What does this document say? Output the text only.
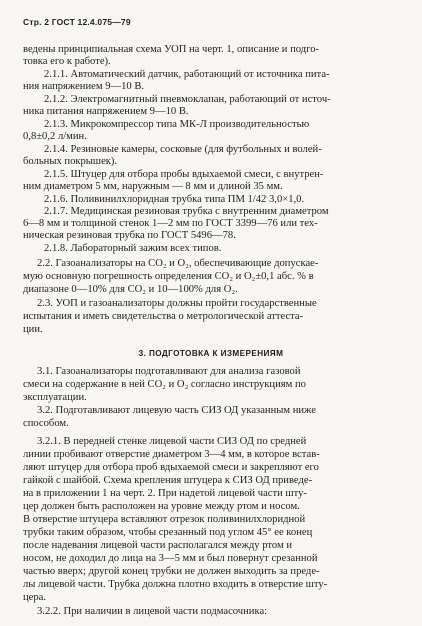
Стр. 2 ГОСТ 12.4.075—79
ведены принципиальная схема УОП на черт. 1, описание и подго-
товка его к работе).
2.1.1. Автоматический датчик, работающий от источника пита-
ния напряжением 9—10 В.
2.1.2. Электромагнитный пневмоклапан, работающий от источ-
ника питания напряжением 9—10 В.
2.1.3. Микрокомпрессор типа МК-Л производительностью
0,8±0,2 л/мин.
2.1.4. Резиновые камеры, сосковые (для футбольных и волей-
больных покрышек).
2.1.5. Штуцер для отбора пробы вдыхаемой смеси, с внутрен-
ним диаметром 5 мм, наружным — 8 мм и длиной 35 мм.
2.1.6. Поливинилхлоридная трубка типа ПМ 1/42 3,0×1,0.
2.1.7. Медицинская резиновая трубка с внутренним диаметром
6—8 мм и толщиной стенок 1—2 мм по ГОСТ 3399—76 или тех-
ническая резиновая трубка по ГОСТ 5496—78.
2.1.8. Лабораторный зажим всех типов.
2.2. Газоанализаторы на CO₂ и O₂, обеспечивающие допускае-
мую основную погрешность определения CO₂ и O₂±0,1 абс. % в
диапазоне 0—10% для CO₂ и 10—100% для O₂.
2.3. УОП и газоанализаторы должны пройти государственные
испытания и иметь свидетельства о метрологической аттеста-
ции.
3. ПОДГОТОВКА К ИЗМЕРЕНИЯМ
3.1. Газоанализаторы подготавливают для анализа газовой
смеси на содержание в ней CO₂ и O₂ согласно инструкциям по
эксплуатации.
3.2. Подготавливают лицевую часть СИЗ ОД указанным ниже
способом.
3.2.1. В передней стенке лицевой части СИЗ ОД по средней
линии пробивают отверстие диаметром 3—4 мм, в которое встав-
ляют штуцер для отбора проб вдыхаемой смеси и закрепляют его
гайкой с шайбой. Схема крепления штуцера к СИЗ ОД приведе-
на в приложении 1 на черт. 2. При надетой лицевой части шту-
цер должен быть расположен на уровне между ртом и носом.
В отверстие штуцера вставляют отрезок поливинилхлоридной
трубки таким образом, чтобы срезанный под углом 45° ее конец
после надевания лицевой части располагался между ртом и
носом, не доходил до лица на 3—5 мм и был повернут срезанной
частью вверх; другой конец трубки не должен выходить за преде-
лы лицевой части. Трубка должна плотно входить в отверстие шту-
цера.
3.2.2. При наличии в лицевой части подмасочника:
